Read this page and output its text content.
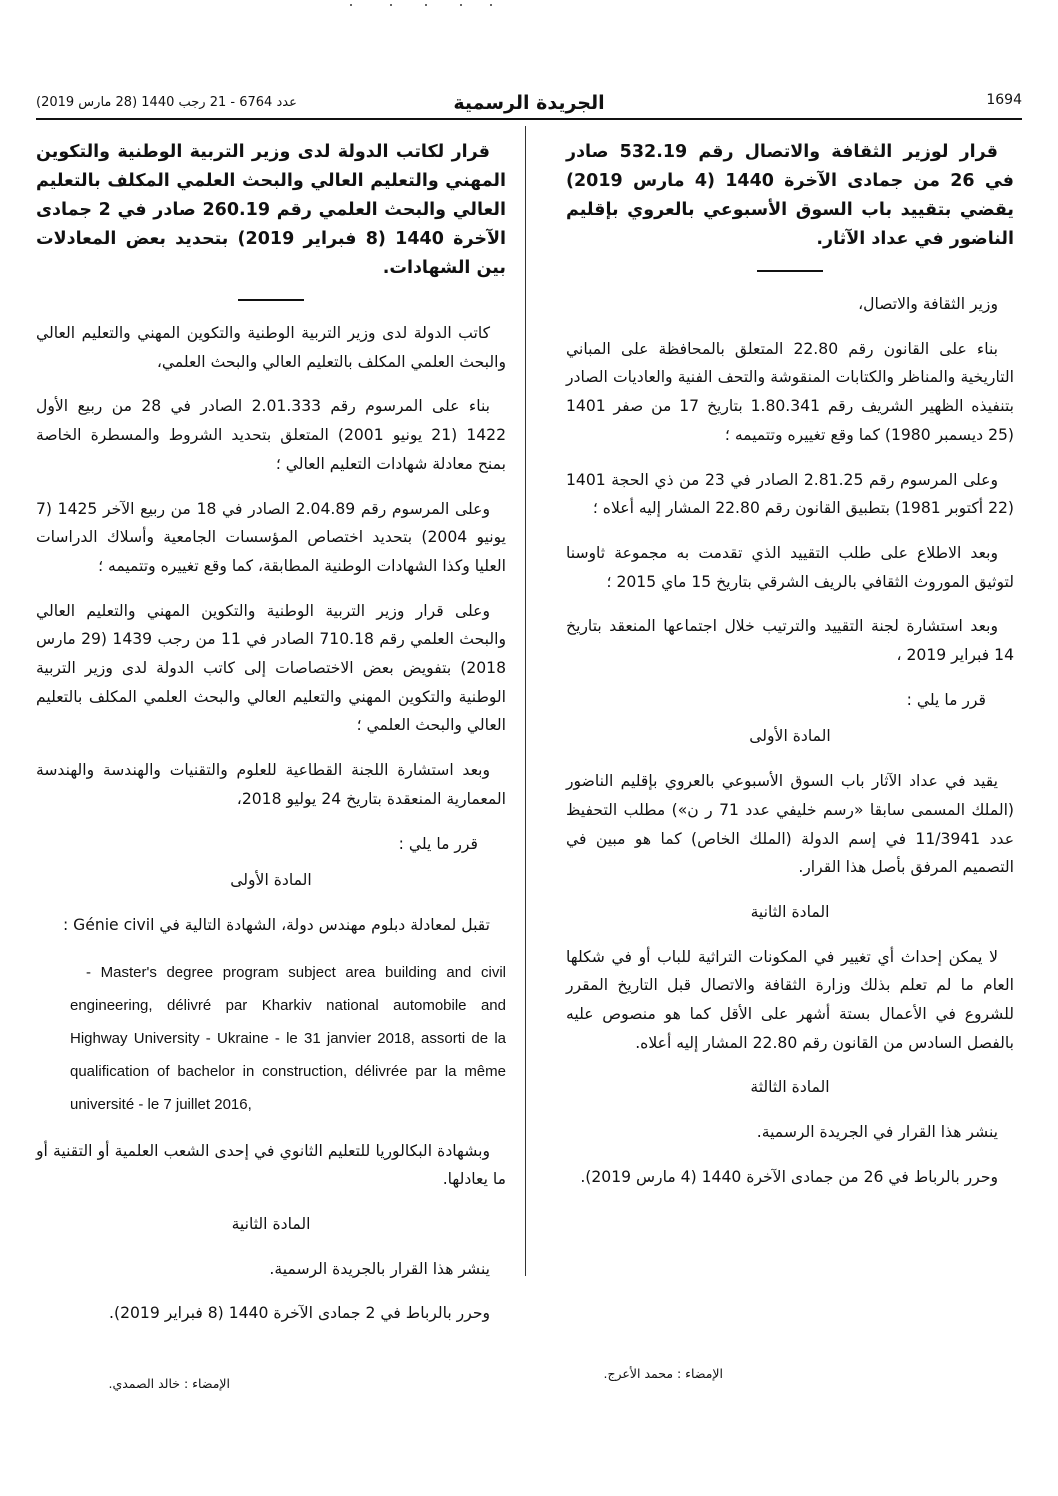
عدد 6764 - 21 رجب 1440 (28 مارس 2019)	الجريدة الرسمية	1694

قرار لوزير الثقافة والاتصال رقم 532.19 صادر في 26 من جمادى الآخرة 1440 (4 مارس 2019) يقضي بتقييد باب السوق الأسبوعي بالعروي بإقليم الناضور في عداد الآثار.

وزير الثقافة والاتصال،

بناء على القانون رقم 22.80 المتعلق بالمحافظة على المباني التاريخية والمناظر والكتابات المنقوشة والتحف الفنية والعاديات الصادر بتنفيذه الظهير الشريف رقم 1.80.341 بتاريخ 17 من صفر 1401 (25 ديسمبر 1980) كما وقع تغييره وتتميمه ؛

وعلى المرسوم رقم 2.81.25 الصادر في 23 من ذي الحجة 1401 (22 أكتوبر 1981) بتطبيق القانون رقم 22.80 المشار إليه أعلاه ؛

وبعد الاطلاع على طلب التقييد الذي تقدمت به مجموعة ثاوسنا لتوثيق الموروث الثقافي بالريف الشرقي بتاريخ 15 ماي 2015 ؛

وبعد استشارة لجنة التقييد والترتيب خلال اجتماعها المنعقد بتاريخ 14 فبراير 2019 ،

قرر ما يلي :

المادة الأولى

يقيد في عداد الآثار باب السوق الأسبوعي بالعروي بإقليم الناضور (الملك المسمى سابقا «رسم خليفي عدد 71 ر ن») مطلب التحفيظ عدد 11/3941 في إسم الدولة (الملك الخاص) كما هو مبين في التصميم المرفق بأصل هذا القرار.

المادة الثانية

لا يمكن إحداث أي تغيير في المكونات التراثية للباب أو في شكلها العام ما لم تعلم بذلك وزارة الثقافة والاتصال قبل التاريخ المقرر للشروع في الأعمال بستة أشهر على الأقل كما هو منصوص عليه بالفصل السادس من القانون رقم 22.80 المشار إليه أعلاه.

المادة الثالثة

ينشر هذا القرار في الجريدة الرسمية.

وحرر بالرباط في 26 من جمادى الآخرة 1440 (4 مارس 2019).

قرار لكاتب الدولة لدى وزير التربية الوطنية والتكوين المهني والتعليم العالي والبحث العلمي المكلف بالتعليم العالي والبحث العلمي رقم 260.19 صادر في 2 جمادى الآخرة 1440 (8 فبراير 2019) بتحديد بعض المعادلات بين الشهادات.

كاتب الدولة لدى وزير التربية الوطنية والتكوين المهني والتعليم العالي والبحث العلمي المكلف بالتعليم العالي والبحث العلمي،

بناء على المرسوم رقم 2.01.333 الصادر في 28 من ربيع الأول 1422 (21 يونيو 2001) المتعلق بتحديد الشروط والمسطرة الخاصة بمنح معادلة شهادات التعليم العالي ؛

وعلى المرسوم رقم 2.04.89 الصادر في 18 من ربيع الآخر 1425 (7 يونيو 2004) بتحديد اختصاص المؤسسات الجامعية وأسلاك الدراسات العليا وكذا الشهادات الوطنية المطابقة، كما وقع تغييره وتتميمه ؛

وعلى قرار وزير التربية الوطنية والتكوين المهني والتعليم العالي والبحث العلمي رقم 710.18 الصادر في 11 من رجب 1439 (29 مارس 2018) بتفويض بعض الاختصاصات إلى كاتب الدولة لدى وزير التربية الوطنية والتكوين المهني والتعليم العالي والبحث العلمي المكلف بالتعليم العالي والبحث العلمي ؛

وبعد استشارة اللجنة القطاعية للعلوم والتقنيات والهندسة والهندسة المعمارية المنعقدة بتاريخ 24 يوليو 2018،

قرر ما يلي :

المادة الأولى

تقبل لمعادلة دبلوم مهندس دولة، الشهادة التالية في Génie civil :

- Master's degree program subject area building and civil engineering, délivré par Kharkiv national automobile and Highway University - Ukraine - le 31 janvier 2018, assorti de la qualification of bachelor in construction, délivrée par la même université - le 7 juillet 2016,

وبشهادة البكالوريا للتعليم الثانوي في إحدى الشعب العلمية أو التقنية أو ما يعادلها.

المادة الثانية

ينشر هذا القرار بالجريدة الرسمية.

وحرر بالرباط في 2 جمادى الآخرة 1440 (8 فبراير 2019).

الإمضاء : محمد الأعرج.
الإمضاء : خالد الصمدي.
